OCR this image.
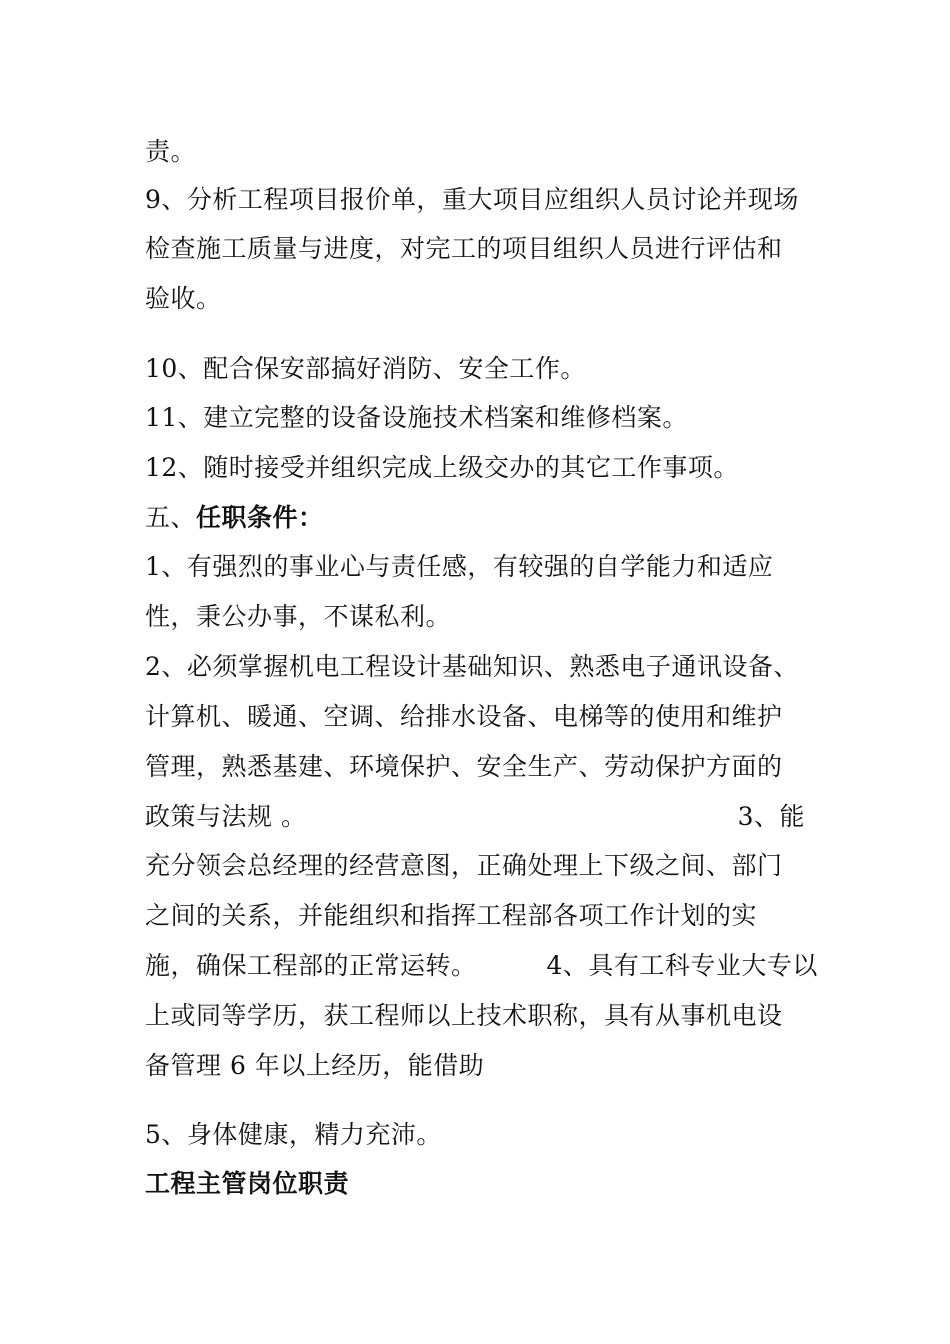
责。
9、分析工程项目报价单，重大项目应组织人员讨论并现场
检查施工质量与进度，对完工的项目组织人员进行评估和
验收。
10、配合保安部搞好消防、安全工作。
11、建立完整的设备设施技术档案和维修档案。
12、随时接受并组织完成上级交办的其它工作事项。
五、任职条件：
1、有强烈的事业心与责任感，有较强的自学能力和适应
性，秉公办事，不谋私利。
2、必须掌握机电工程设计基础知识、熟悉电子通讯设备、
计算机、暖通、空调、给排水设备、电梯等的使用和维护
管理，熟悉基建、环境保护、安全生产、劳动保护方面的
政策与法规 。	3、能
充分领会总经理的经营意图，正确处理上下级之间、部门
之间的关系，并能组织和指挥工程部各项工作计划的实
施，确保工程部的正常运转。	4、具有工科专业大专以
上或同等学历，获工程师以上技术职称，具有从事机电设
备管理 6 年以上经历，能借助
5、身体健康，精力充沛。
工程主管岗位职责
